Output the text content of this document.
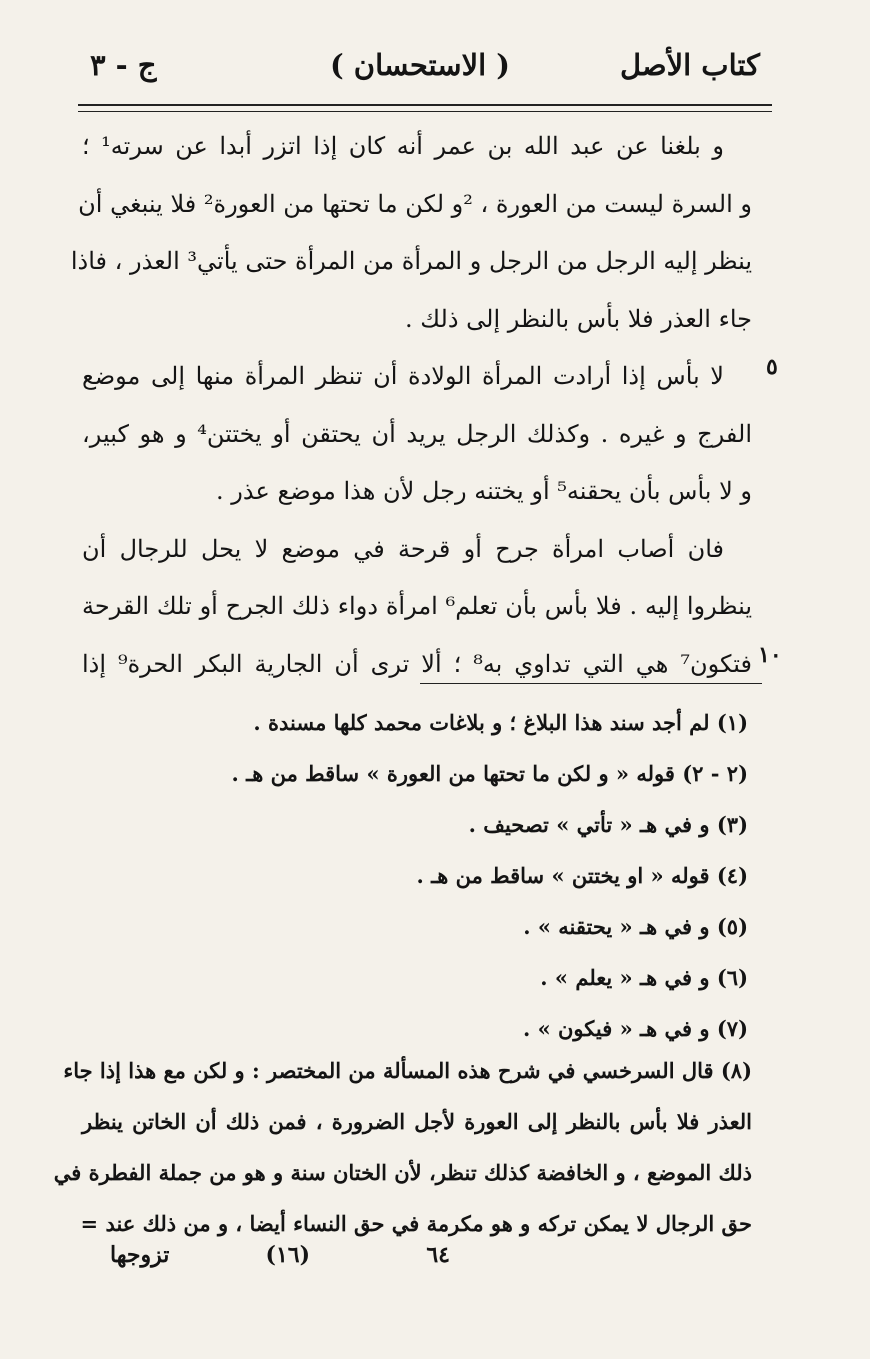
كتاب الأصل
( الاستحسان )
ج - ٣
و بلغنا عن عبد الله بن عمر أنه كان إذا اتزر أبدا عن سرته¹ ؛
و السرة ليست من العورة ، ²و لكن ما تحتها من العورة² فلا ينبغي أن
ينظر إليه الرجل من الرجل و المرأة من المرأة حتى يأتي³ العذر ، فاذا
جاء العذر فلا بأس بالنظر إلى ذلك .
لا بأس إذا أرادت المرأة الولادة أن تنظر المرأة منها إلى موضع
الفرج و غيره . وكذلك الرجل يريد أن يحتقن أو يختتن⁴ و هو كبير،
و لا بأس بأن يحقنه⁵ أو يختنه رجل لأن هذا موضع عذر .
فان أصاب امرأة جرح أو قرحة في موضع لا يحل للرجال أن
ينظروا إليه . فلا بأس بأن تعلم⁶ امرأة دواء ذلك الجرح أو تلك القرحة
فتكون⁷ هي التي تداوي به⁸ ؛ ألا ترى أن الجارية البكر الحرة⁹ إذا
٥
١٠
(١) لم أجد سند هذا البلاغ ؛ و بلاغات محمد كلها مسندة .
(٢ - ٢) قوله « و لكن ما تحتها من العورة » ساقط من هـ .
(٣) و في هـ « تأتي » تصحيف .
(٤) قوله « او يختتن » ساقط من هـ .
(٥) و في هـ « يحتقنه » .
(٦) و في هـ « يعلم » .
(٧) و في هـ « فيكون » .
(٨) قال السرخسي في شرح هذه المسألة من المختصر : و لكن مع هذا إذا جاء
العذر فلا بأس بالنظر إلى العورة لأجل الضرورة ، فمن ذلك أن الخاتن ينظر
ذلك الموضع ، و الخافضة كذلك تنظر، لأن الختان سنة و هو من جملة الفطرة في
حق الرجال لا يمكن تركه و هو مكرمة في حق النساء أيضا ، و من ذلك عند =
٦٤
(١٦)
تزوجها
